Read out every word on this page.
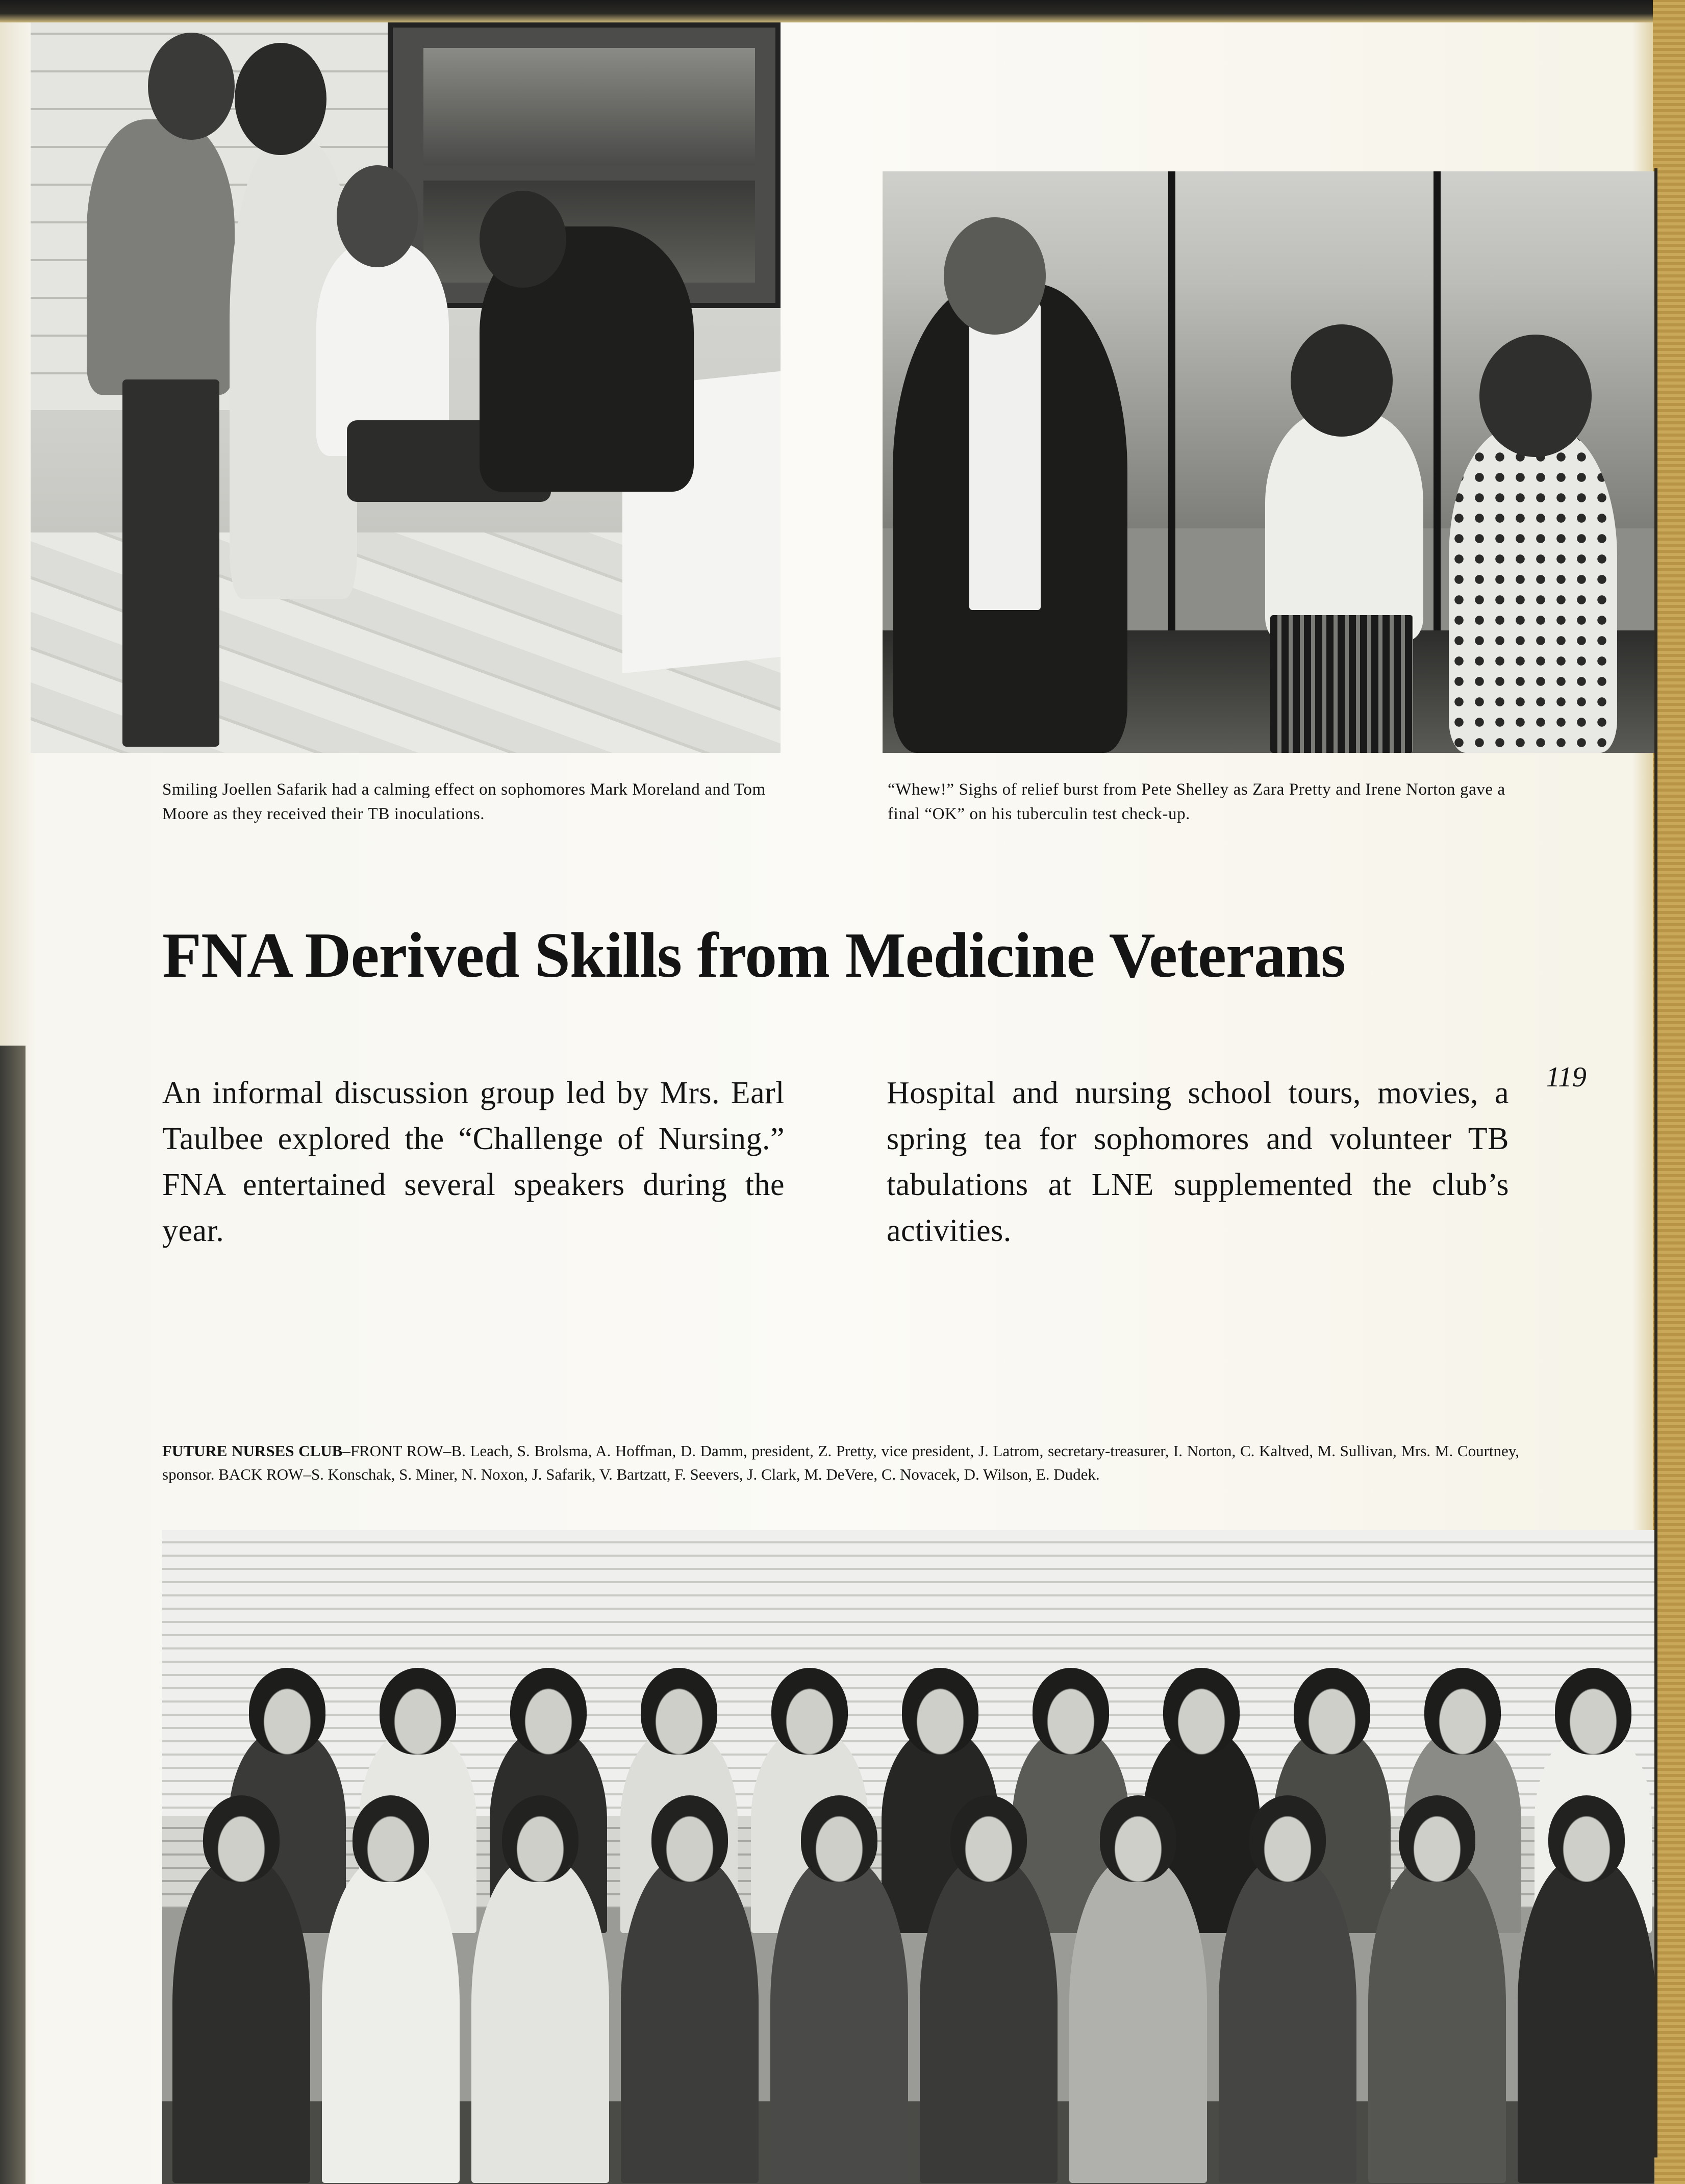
Smiling Joellen Safarik had a calming effect on sophomores Mark Moreland and Tom Moore as they received their TB inoculations.
“Whew!” Sighs of relief burst from Pete Shelley as Zara Pretty and Irene Norton gave a final “OK” on his tuberculin test check-up.
FNA Derived Skills from Medicine Veterans
An informal discussion group led by Mrs. Earl Taulbee explored the “Challenge of Nursing.” FNA entertained several speakers during the year.
Hospital and nursing school tours, movies, a spring tea for sophomores and volunteer TB tabulations at LNE supplemented the club’s activities.
119
FUTURE NURSES CLUB–FRONT ROW–B. Leach, S. Brolsma, A. Hoffman, D. Damm, president, Z. Pretty, vice president, J. Latrom, secretary-treasurer, I. Norton, C. Kaltved, M. Sullivan, Mrs. M. Courtney, sponsor. BACK ROW–S. Konschak, S. Miner, N. Noxon, J. Safarik, V. Bartzatt, F. Seevers, J. Clark, M. DeVere, C. Novacek, D. Wilson, E. Dudek.
